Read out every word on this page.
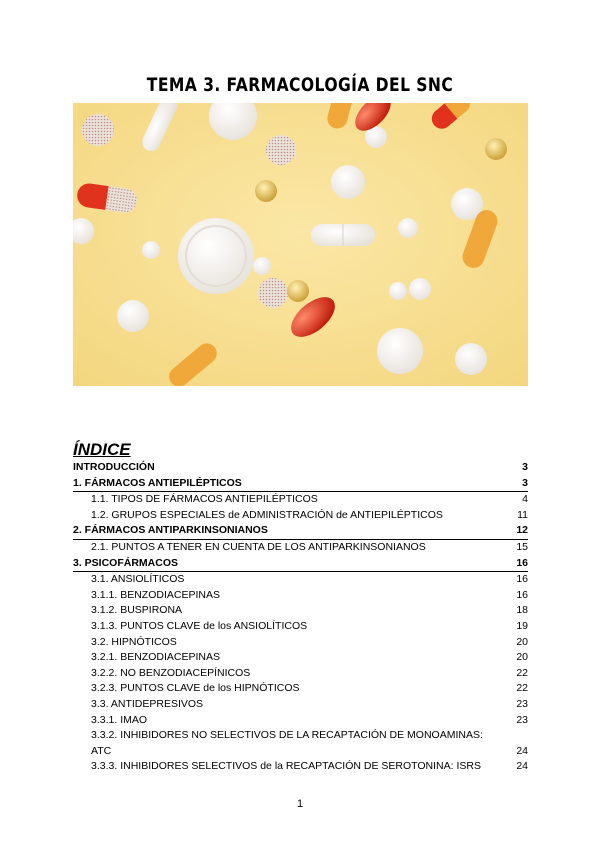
TEMA 3. FARMACOLOGÍA DEL SNC
ÍNDICE
INTRODUCCIÓN	3
1. FÁRMACOS ANTIEPILÉPTICOS	3
1.1. TIPOS DE FÁRMACOS ANTIEPILÉPTICOS	4
1.2. GRUPOS ESPECIALES de ADMINISTRACIÓN de ANTIEPILÉPTICOS	11
2. FÁRMACOS ANTIPARKINSONIANOS	12
2.1. PUNTOS A TENER EN CUENTA DE LOS ANTIPARKINSONIANOS	15
3. PSICOFÁRMACOS	16
3.1. ANSIOLÍTICOS	16
3.1.1. BENZODIACEPINAS	16
3.1.2. BUSPIRONA	18
3.1.3. PUNTOS CLAVE de los ANSIOLÍTICOS	19
3.2. HIPNÓTICOS	20
3.2.1. BENZODIACEPINAS	20
3.2.2. NO BENZODIACEPÍNICOS	22
3.2.3. PUNTOS CLAVE de los HIPNÓTICOS	22
3.3. ANTIDEPRESIVOS	23
3.3.1. IMAO	23
3.3.2. INHIBIDORES NO SELECTIVOS DE LA RECAPTACIÓN DE MONOAMINAS: ATC	24
3.3.3. INHIBIDORES SELECTIVOS de la RECAPTACIÓN DE SEROTONINA: ISRS	24
1
